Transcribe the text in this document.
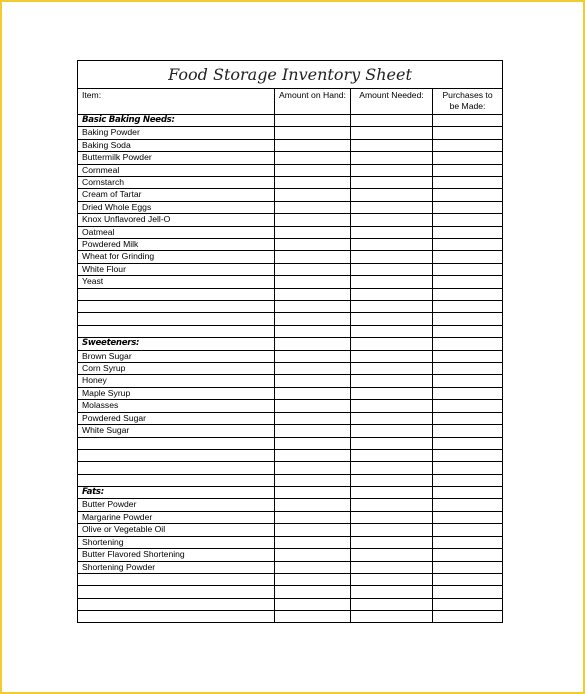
Food Storage Inventory Sheet			
Item:	Amount on Hand:	Amount Needed:	Purchases to be Made:
Basic Baking Needs:			
Baking Powder			
Baking Soda			
Buttermilk Powder			
Cornmeal			
Cornstarch			
Cream of Tartar			
Dried Whole Eggs			
Knox Unflavored Jell-O			
Oatmeal			
Powdered Milk			
Wheat for Grinding			
White Flour			
Yeast			

Sweeteners:			
Brown Sugar			
Corn Syrup			
Honey			
Maple Syrup			
Molasses			
Powdered Sugar			
White Sugar			

Fats:			
Butter Powder			
Margarine Powder			
Olive or Vegetable Oil			
Shortening			
Butter Flavored Shortening			
Shortening Powder			
